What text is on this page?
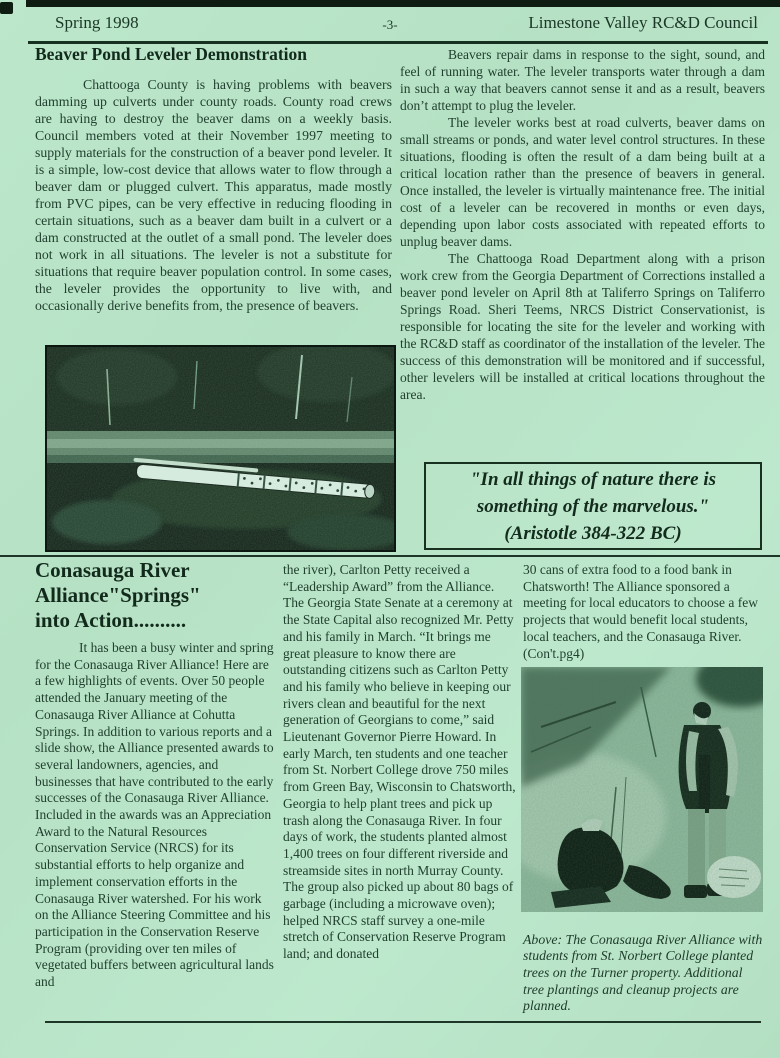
Spring 1998	-3-	Limestone Valley RC&D Council
Beaver Pond Leveler Demonstration

Chattooga County is having problems with beavers damming up culverts under county roads. County road crews are having to destroy the beaver dams on a weekly basis. Council members voted at their November 1997 meeting to supply materials for the construction of a beaver pond leveler. It is a simple, low-cost device that allows water to flow through a beaver dam or plugged culvert. This apparatus, made mostly from PVC pipes, can be very effective in reducing flooding in certain situations, such as a beaver dam built in a culvert or a dam constructed at the outlet of a small pond. The leveler does not work in all situations. The leveler is not a substitute for situations that require beaver population control. In some cases, the leveler provides the opportunity to live with, and occasionally derive benefits from, the presence of beavers.

Beavers repair dams in response to the sight, sound, and feel of running water. The leveler transports water through a dam in such a way that beavers cannot sense it and as a result, beavers don’t attempt to plug the leveler.

The leveler works best at road culverts, beaver dams on small streams or ponds, and water level control structures. In these situations, flooding is often the result of a dam being built at a critical location rather than the presence of beavers in general. Once installed, the leveler is virtually maintenance free. The initial cost of a leveler can be recovered in months or even days, depending upon labor costs associated with repeated efforts to unplug beaver dams.

The Chattooga Road Department along with a prison work crew from the Georgia Department of Corrections installed a beaver pond leveler on April 8th at Taliferro Springs on Taliferro Springs Road. Sheri Teems, NRCS District Conservationist, is responsible for locating the site for the leveler and working with the RC&D staff as coordinator of the installation of the leveler. The success of this demonstration will be monitored and if successful, other levelers will be installed at critical locations throughout the area.

"In all things of nature there is
something of the marvelous."
(Aristotle 384-322 BC)
Conasauga River
Alliance"Springs"
into Action..........

It has been a busy winter and spring for the Conasauga River Alliance! Here are a few highlights of events. Over 50 people attended the January meeting of the Conasauga River Alliance at Cohutta Springs. In addition to various reports and a slide show, the Alliance presented awards to several landowners, agencies, and businesses that have contributed to the early successes of the Conasauga River Alliance. Included in the awards was an Appreciation Award to the Natural Resources Conservation Service (NRCS) for its substantial efforts to help organize and implement conservation efforts in the Conasauga River watershed. For his work on the Alliance Steering Committee and his participation in the Conservation Reserve Program (providing over ten miles of vegetated buffers between agricultural lands and

the river), Carlton Petty received a “Leadership Award” from the Alliance. The Georgia State Senate at a ceremony at the State Capital also recognized Mr. Petty and his family in March. “It brings me great pleasure to know there are outstanding citizens such as Carlton Petty and his family who believe in keeping our rivers clean and beautiful for the next generation of Georgians to come,” said Lieutenant Governor Pierre Howard. In early March, ten students and one teacher from St. Norbert College drove 750 miles from Green Bay, Wisconsin to Chatsworth, Georgia to help plant trees and pick up trash along the Conasauga River. In four days of work, the students planted almost 1,400 trees on four different riverside and streamside sites in north Murray County. The group also picked up about 80 bags of garbage (including a microwave oven); helped NRCS staff survey a one-mile stretch of Conservation Reserve Program land; and donated

30 cans of extra food to a food bank in Chatsworth! The Alliance sponsored a meeting for local educators to choose a few projects that would benefit local students, local teachers, and the Conasauga River. (Con't.pg4)

Above: The Conasauga River Alliance with students from St. Norbert College planted trees on the Turner property. Additional tree plantings and cleanup projects are planned.
